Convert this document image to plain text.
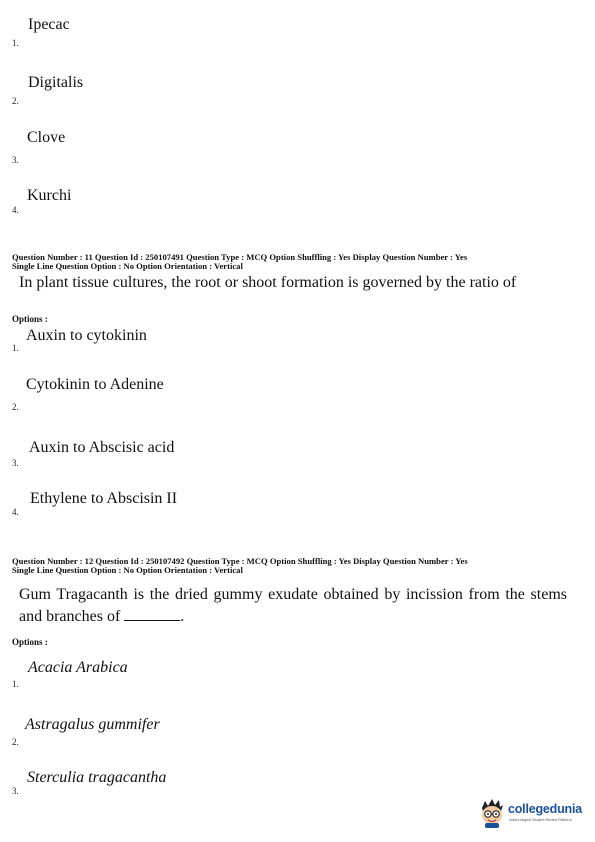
Ipecac
1.
Digitalis
2.
Clove
3.
Kurchi
4.
Question Number : 11 Question Id : 250107491 Question Type : MCQ Option Shuffling : Yes Display Question Number : Yes
Single Line Question Option : No Option Orientation : Vertical
In plant tissue cultures, the root or shoot formation is governed by the ratio of
Options :
Auxin to cytokinin
1.
Cytokinin to Adenine
2.
Auxin to Abscisic acid
3.
Ethylene to Abscisin II
4.
Question Number : 12 Question Id : 250107492 Question Type : MCQ Option Shuffling : Yes Display Question Number : Yes
Single Line Question Option : No Option Orientation : Vertical
Gum Tragacanth is the dried gummy exudate obtained by incission from the stems and branches of	.
Options :
Acacia Arabica
1.
Astragalus gummifer
2.
Sterculia tragacantha
3.
collegedunia
India's largest Student Review Platform
